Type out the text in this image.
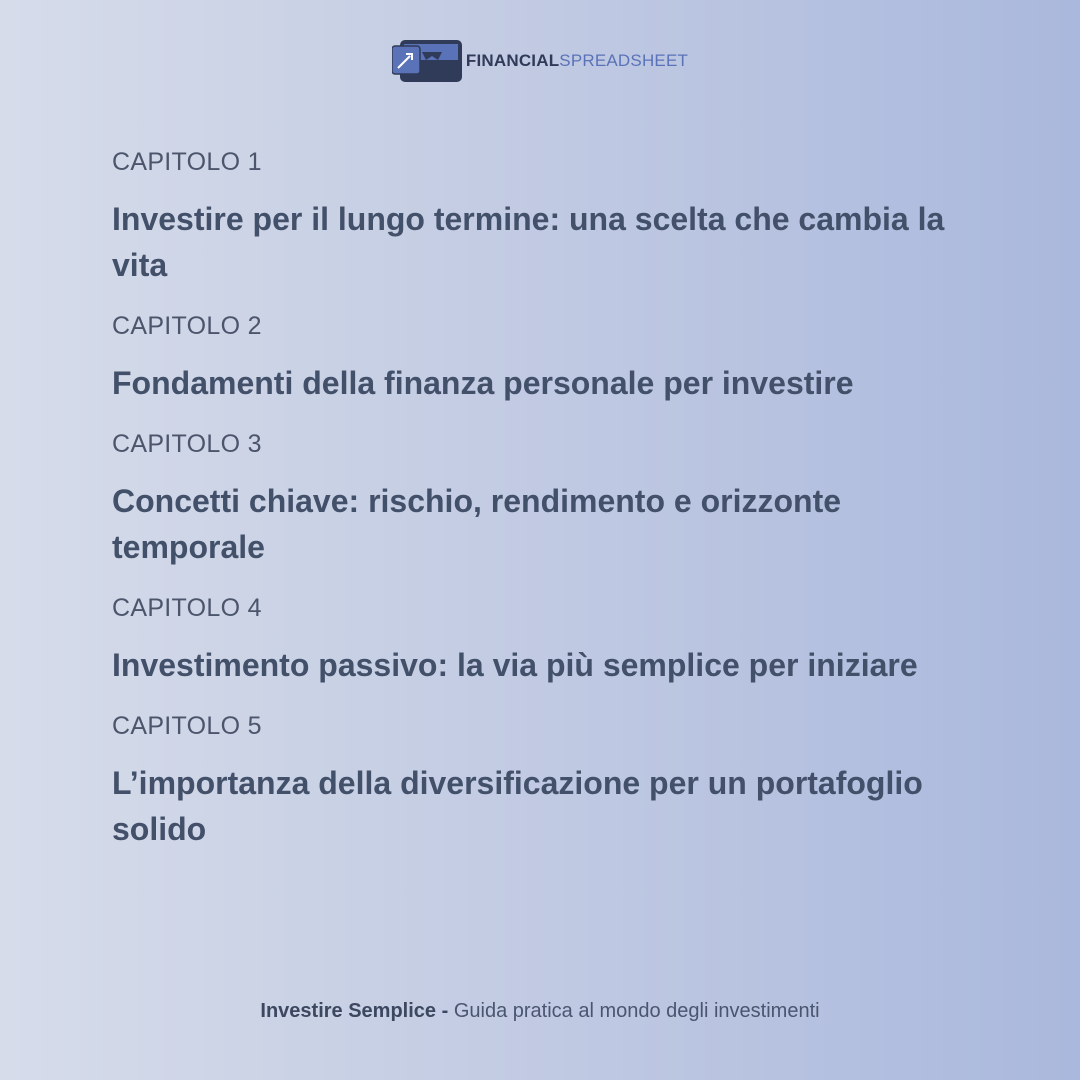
FINANCIALSPREADSHEET
CAPITOLO 1
Investire per il lungo termine: una scelta che cambia la vita
CAPITOLO 2
Fondamenti della finanza personale per investire
CAPITOLO 3
Concetti chiave: rischio, rendimento e orizzonte temporale
CAPITOLO 4
Investimento passivo: la via più semplice per iniziare
CAPITOLO 5
L’importanza della diversificazione per un portafoglio solido
Investire Semplice - Guida pratica al mondo degli investimenti
